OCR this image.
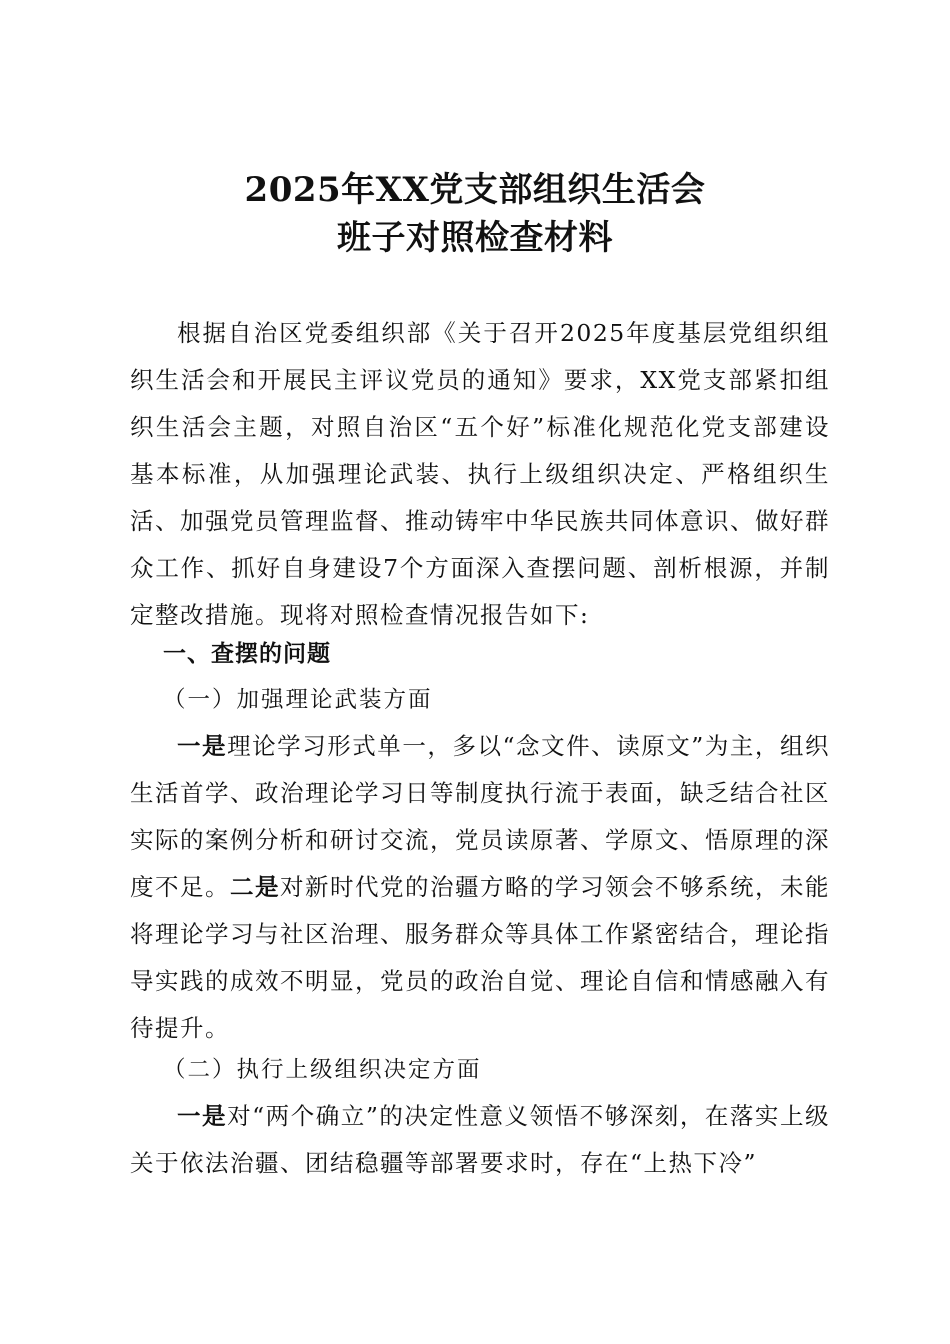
2025年XX党支部组织生活会
班子对照检查材料

根据自治区党委组织部《关于召开2025年度基层党组织组织生活会和开展民主评议党员的通知》要求，XX党支部紧扣组织生活会主题，对照自治区“五个好”标准化规范化党支部建设基本标准，从加强理论武装、执行上级组织决定、严格组织生活、加强党员管理监督、推动铸牢中华民族共同体意识、做好群众工作、抓好自身建设7个方面深入查摆问题、剖析根源，并制定整改措施。现将对照检查情况报告如下:

一、查摆的问题
（一）加强理论武装方面

一是理论学习形式单一，多以“念文件、读原文”为主，组织生活首学、政治理论学习日等制度执行流于表面，缺乏结合社区实际的案例分析和研讨交流，党员读原著、学原文、悟原理的深度不足。二是对新时代党的治疆方略的学习领会不够系统，未能将理论学习与社区治理、服务群众等具体工作紧密结合，理论指导实践的成效不明显，党员的政治自觉、理论自信和情感融入有待提升。

（二）执行上级组织决定方面

一是对“两个确立”的决定性意义领悟不够深刻，在落实上级关于依法治疆、团结稳疆等部署要求时，存在“上热下冷”
